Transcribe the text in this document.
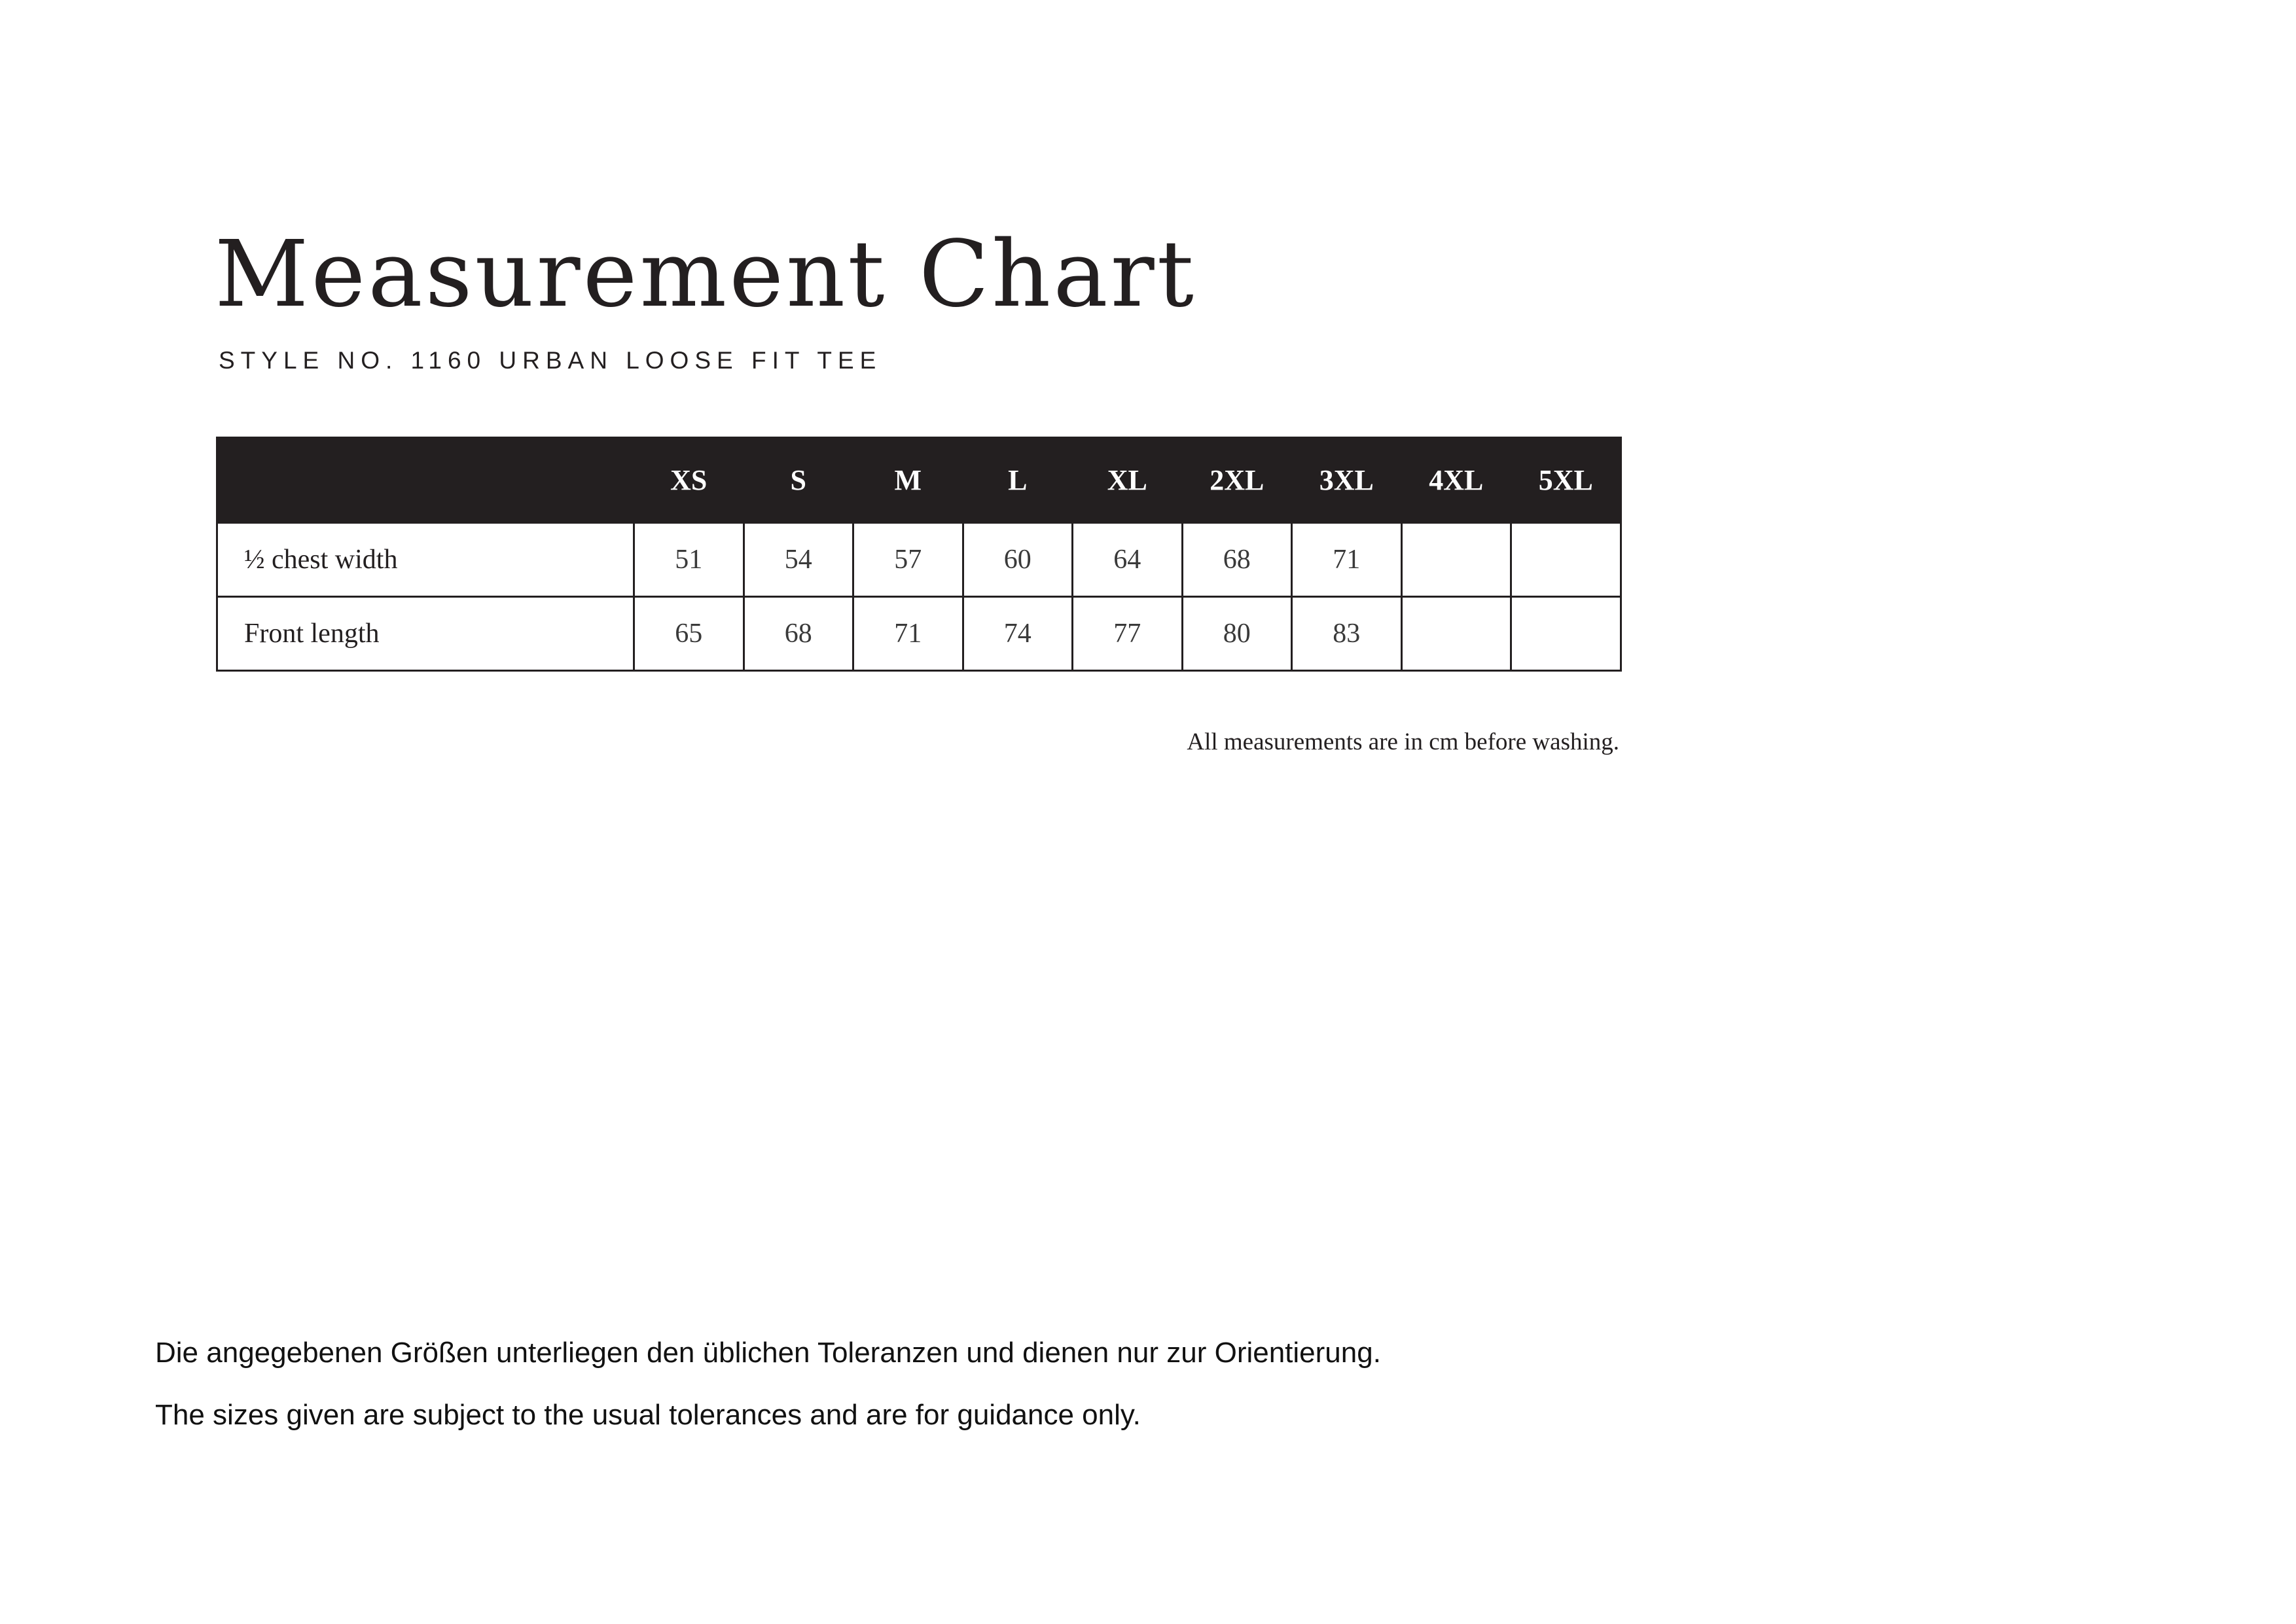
Measurement Chart

STYLE NO. 1160 URBAN LOOSE FIT TEE

	XS	S	M	L	XL	2XL	3XL	4XL	5XL
½ chest width	51	54	57	60	64	68	71		
Front length	65	68	71	74	77	80	83		

All measurements are in cm before washing.

Die angegebenen Größen unterliegen den üblichen Toleranzen und dienen nur zur Orientierung.

The sizes given are subject to the usual tolerances and are for guidance only.
